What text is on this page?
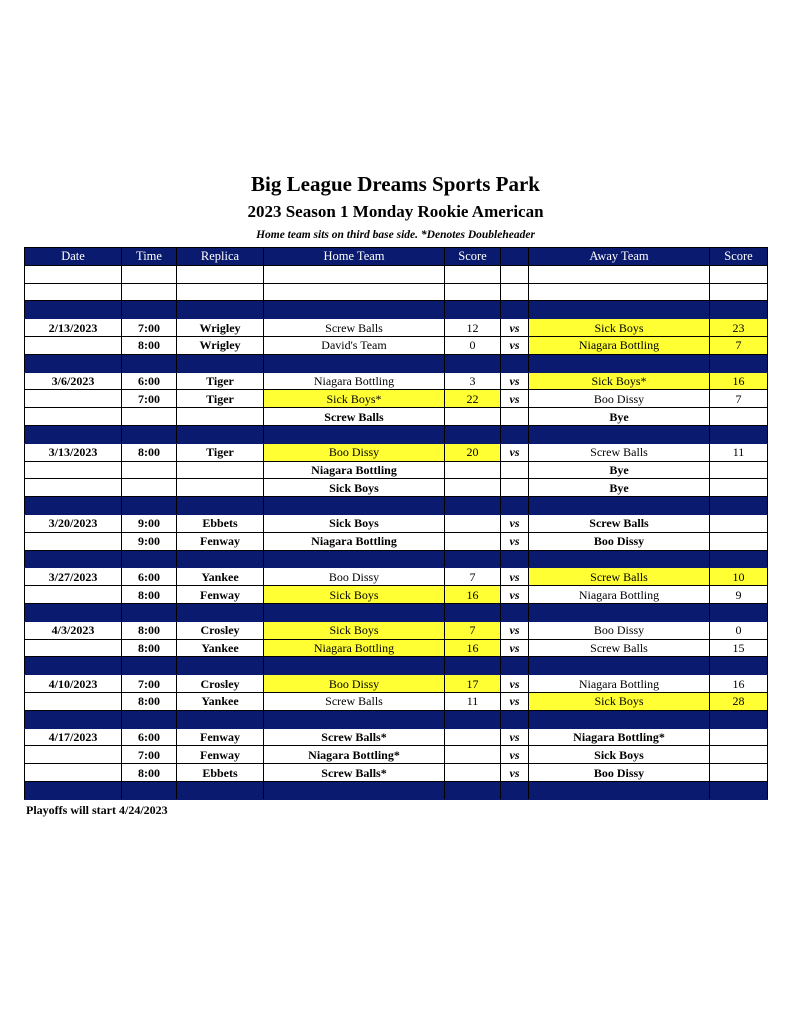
Big League Dreams Sports Park
2023 Season 1 Monday Rookie American
Home team sits on third base side. *Denotes Doubleheader
Date	Time	Replica	Home Team	Score		Away Team	Score

2/13/2023	7:00	Wrigley	Screw Balls	12	vs	Sick Boys	23
	8:00	Wrigley	David's Team	0	vs	Niagara Bottling	7

3/6/2023	6:00	Tiger	Niagara Bottling	3	vs	Sick Boys*	16
	7:00	Tiger	Sick Boys*	22	vs	Boo Dissy	7
			Screw Balls			Bye	

3/13/2023	8:00	Tiger	Boo Dissy	20	vs	Screw Balls	11
			Niagara Bottling			Bye	
			Sick Boys			Bye	

3/20/2023	9:00	Ebbets	Sick Boys		vs	Screw Balls	
	9:00	Fenway	Niagara Bottling		vs	Boo Dissy	

3/27/2023	6:00	Yankee	Boo Dissy	7	vs	Screw Balls	10
	8:00	Fenway	Sick Boys	16	vs	Niagara Bottling	9

4/3/2023	8:00	Crosley	Sick Boys	7	vs	Boo Dissy	0
	8:00	Yankee	Niagara Bottling	16	vs	Screw Balls	15

4/10/2023	7:00	Crosley	Boo Dissy	17	vs	Niagara Bottling	16
	8:00	Yankee	Screw Balls	11	vs	Sick Boys	28

4/17/2023	6:00	Fenway	Screw Balls*		vs	Niagara Bottling*	
	7:00	Fenway	Niagara Bottling*		vs	Sick Boys	
	8:00	Ebbets	Screw Balls*		vs	Boo Dissy	

Playoffs will start 4/24/2023
